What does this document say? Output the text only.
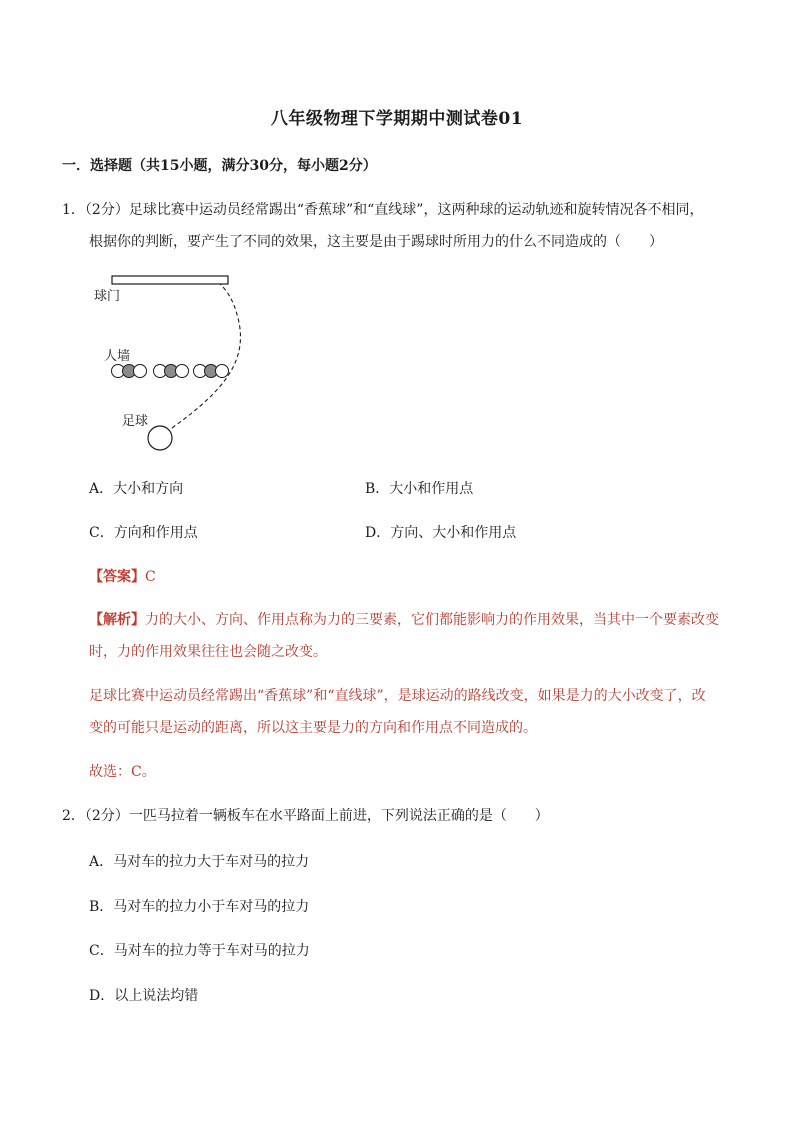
八年级物理下学期期中测试卷01
一．选择题（共15小题，满分30分，每小题2分）
1．（2分）足球比赛中运动员经常踢出“香蕉球”和“直线球”，这两种球的运动轨迹和旋转情况各不相同，
根据你的判断，要产生了不同的效果，这主要是由于踢球时所用力的什么不同造成的（　　）
球门
人墙
足球
A．大小和方向	B．大小和作用点
C．方向和作用点	D．方向、大小和作用点
【答案】C
【解析】力的大小、方向、作用点称为力的三要素，它们都能影响力的作用效果，当其中一个要素改变
时，力的作用效果往往也会随之改变。
足球比赛中运动员经常踢出“香蕉球”和“直线球”，是球运动的路线改变，如果是力的大小改变了，改
变的可能只是运动的距离，所以这主要是力的方向和作用点不同造成的。
故选：C。
2．（2分）一匹马拉着一辆板车在水平路面上前进，下列说法正确的是（　　）
A．马对车的拉力大于车对马的拉力
B．马对车的拉力小于车对马的拉力
C．马对车的拉力等于车对马的拉力
D．以上说法均错
